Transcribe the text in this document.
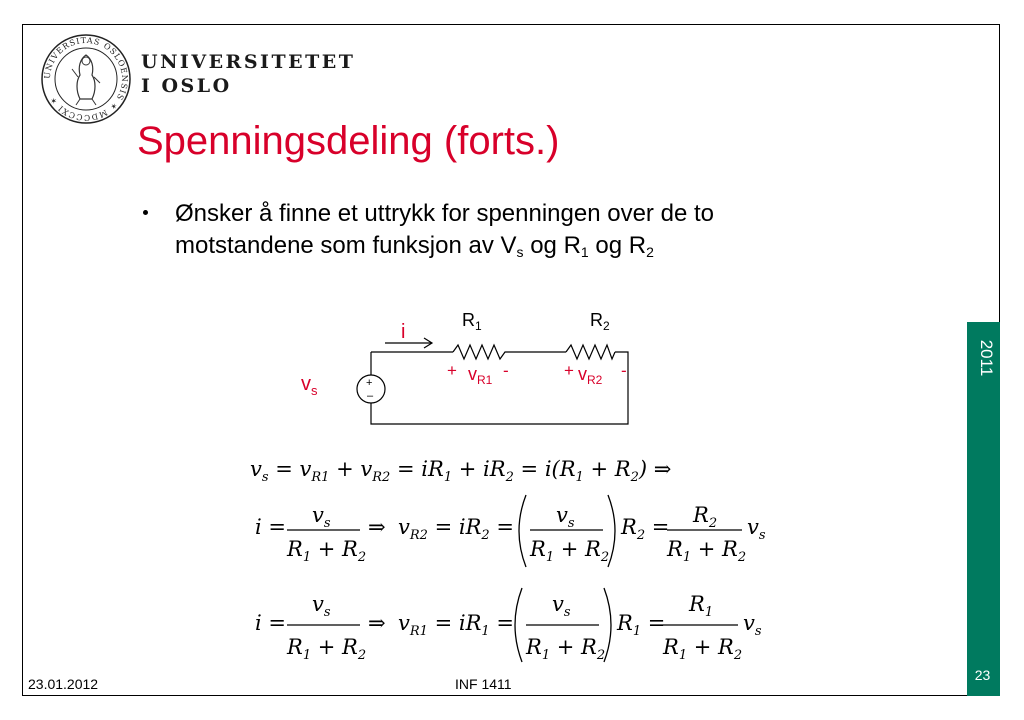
UNIVERSITAS OSLOENSIS ✶ MDCCCXI ✶
UNIVERSITETET
I OSLO
Spenningsdeling (forts.)
Ønsker å finne et uttrykk for spenningen over de to
motstandene som funksjon av $V_s$ og $R_1$ og $R_2$
+
–
i
$v_s$
$R_1$	$R_2$
+ $v_{R1}$ -	+ $v_{R2}$ -
$v_s = v_{R1} + v_{R2} = iR_1 + iR_2 = i(R_1 + R_2)$ ⇒
$i = v_s$
$R_1 + R_2$
⇒ $v_{R2} = iR_2 = v_s$
$R_1 + R_2$
$R_2 = R_2$
$R_1 + R_2$
$v_s$
i =
$v_s$
$R_1 + R_2$
⇒ $v_{R1} = iR_1$ =
$v_s$
$R_1 + R_2$
$R_1$ =
$R_1$
$R_1 + R_2$
$v_s$
2011
23
23.01.2012	INF 1411
